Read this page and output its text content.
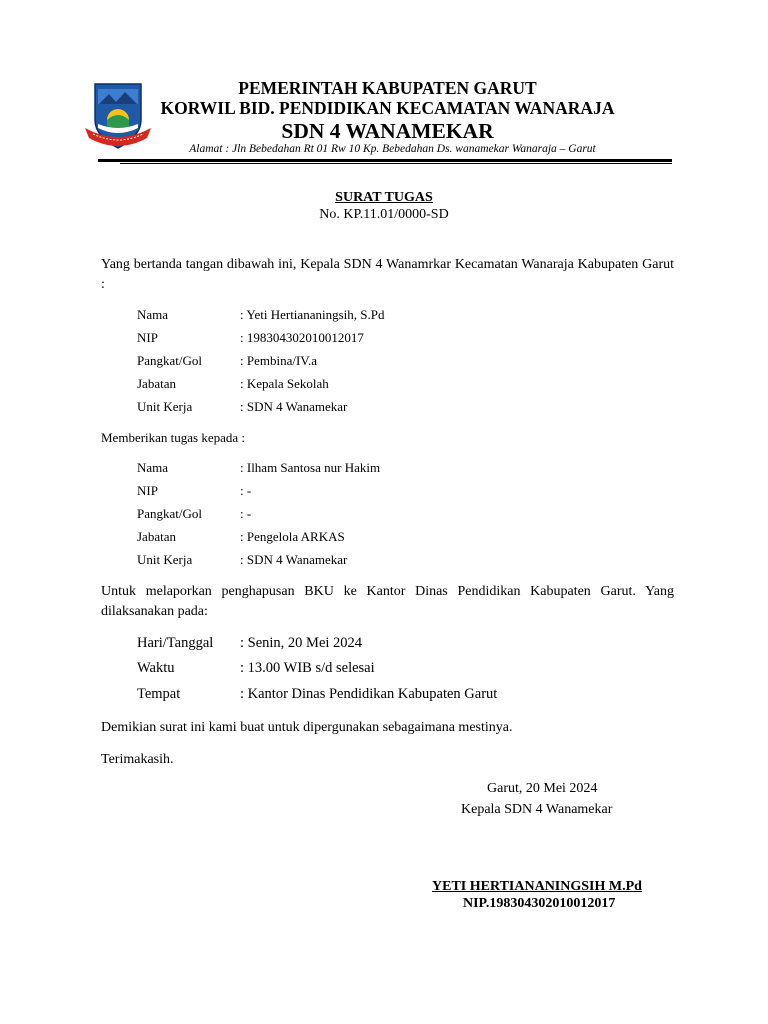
PEMERINTAH KABUPATEN GARUT
KORWIL BID. PENDIDIKAN KECAMATAN WANARAJA
SDN 4 WANAMEKAR
Alamat : Jln Bebedahan Rt 01 Rw 10 Kp. Bebedahan Ds. wanamekar Wanaraja – Garut
SURAT TUGAS
No. KP.11.01/0000-SD

Yang bertanda tangan dibawah ini, Kepala SDN 4 Wanamrkar Kecamatan Wanaraja Kabupaten Garut :

Nama	: Yeti Hertiananingsih, S.Pd
NIP	: 198304302010012017
Pangkat/Gol	: Pembina/IV.a
Jabatan	: Kepala Sekolah
Unit Kerja	: SDN 4 Wanamekar
Memberikan tugas kepada :
Nama	: Ilham Santosa nur Hakim
NIP	: -
Pangkat/Gol	: -
Jabatan	: Pengelola ARKAS
Unit Kerja	: SDN 4 Wanamekar

Untuk melaporkan penghapusan BKU ke Kantor Dinas Pendidikan Kabupaten Garut. Yang dilaksanakan pada:

Hari/Tanggal : Senin, 20 Mei 2024
Waktu	: 13.00 WIB s/d selesai
Tempat	: Kantor Dinas Pendidikan Kabupaten Garut
Demikian surat ini kami buat untuk dipergunakan sebagaimana mestinya.
Terimakasih.
Garut, 20 Mei 2024
Kepala SDN 4 Wanamekar
YETI HERTIANANINGSIH M.Pd
NIP.198304302010012017
